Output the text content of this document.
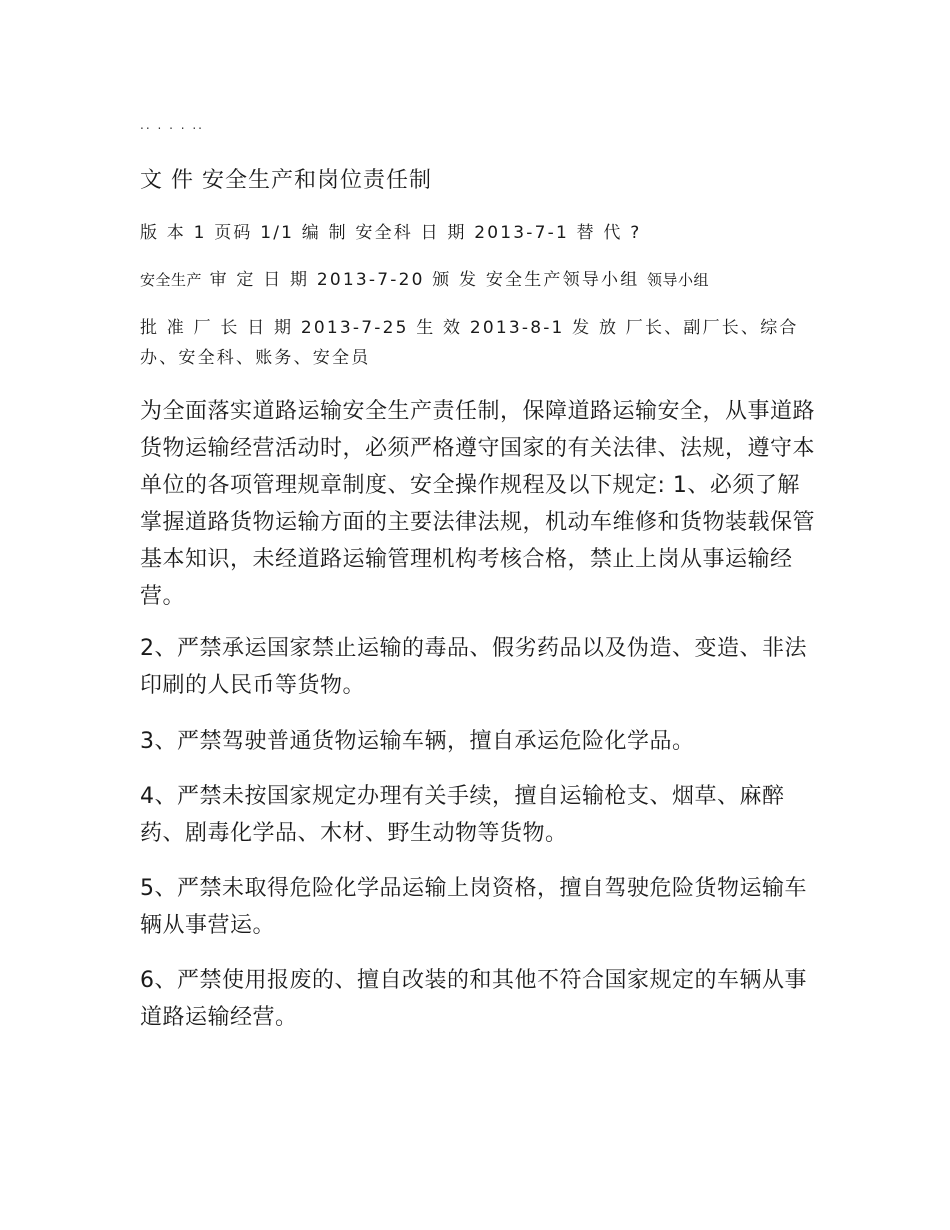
.. . . . ..
文 件 安全生产和岗位责任制
版 本 1 页码 1/1 编 制 安全科 日 期 2013-7-1 替 代 ?
安全生产 审 定 日 期 2013-7-20 颁 发 安全生产领导小组 领导小组
批 准 厂 长 日 期 2013-7-25 生 效 2013-8-1 发 放 厂长、副厂长、综合办、安全科、账务、安全员
为全面落实道路运输安全生产责任制，保障道路运输安全，从事道路货物运输经营活动时，必须严格遵守国家的有关法律、法规，遵守本单位的各项管理规章制度、安全操作规程及以下规定: 1、必须了解掌握道路货物运输方面的主要法律法规，机动车维修和货物装载保管基本知识，未经道路运输管理机构考核合格，禁止上岗从事运输经营。
2、严禁承运国家禁止运输的毒品、假劣药品以及伪造、变造、非法印刷的人民币等货物。
3、严禁驾驶普通货物运输车辆，擅自承运危险化学品。
4、严禁未按国家规定办理有关手续，擅自运输枪支、烟草、麻醉药、剧毒化学品、木材、野生动物等货物。
5、严禁未取得危险化学品运输上岗资格，擅自驾驶危险货物运输车辆从事营运。
6、严禁使用报废的、擅自改装的和其他不符合国家规定的车辆从事道路运输经营。
